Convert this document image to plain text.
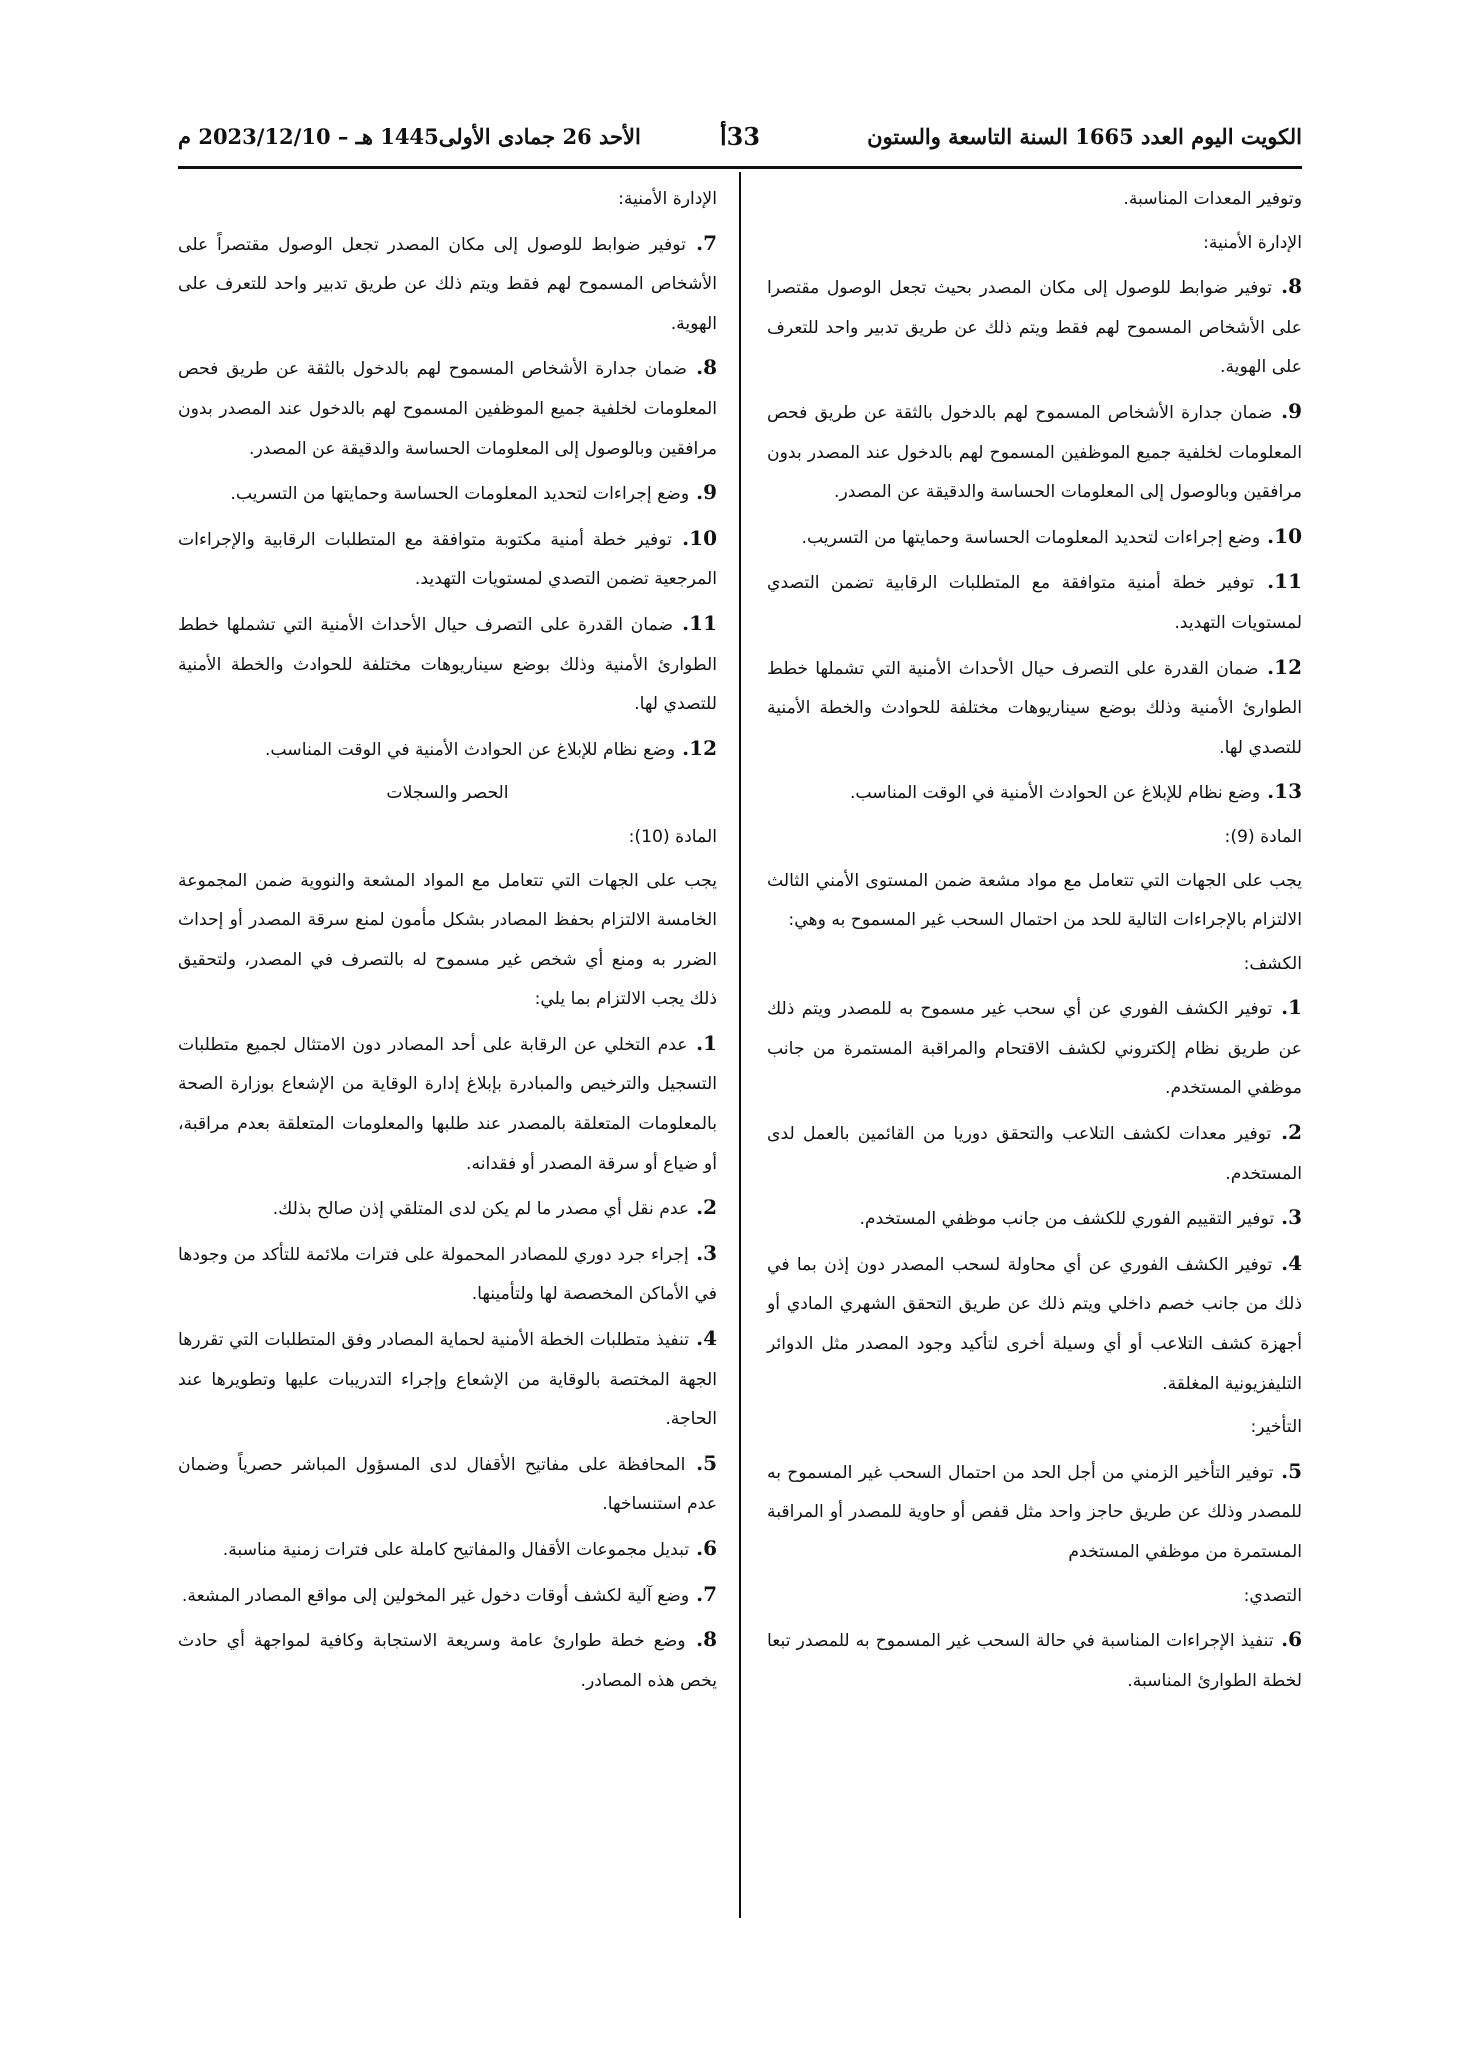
الكويت اليوم العدد 1665 السنة التاسعة والستون
33أ
الأحد 26 جمادى الأولى1445 هـ – 2023/12/10 م

وتوفير المعدات المناسبة.

الإدارة الأمنية:

8. توفير ضوابط للوصول إلى مكان المصدر بحيث تجعل الوصول مقتصرا على الأشخاص المسموح لهم فقط ويتم ذلك عن طريق تدبير واحد للتعرف على الهوية.

9. ضمان جدارة الأشخاص المسموح لهم بالدخول بالثقة عن طريق فحص المعلومات لخلفية جميع الموظفين المسموح لهم بالدخول عند المصدر بدون مرافقين وبالوصول إلى المعلومات الحساسة والدقيقة عن المصدر.

10. وضع إجراءات لتحديد المعلومات الحساسة وحمايتها من التسريب.

11. توفير خطة أمنية متوافقة مع المتطلبات الرقابية تضمن التصدي لمستويات التهديد.

12. ضمان القدرة على التصرف حيال الأحداث الأمنية التي تشملها خطط الطوارئ الأمنية وذلك بوضع سيناريوهات مختلفة للحوادث والخطة الأمنية للتصدي لها.

13. وضع نظام للإبلاغ عن الحوادث الأمنية في الوقت المناسب.

المادة (9):

يجب على الجهات التي تتعامل مع مواد مشعة ضمن المستوى الأمني الثالث الالتزام بالإجراءات التالية للحد من احتمال السحب غير المسموح به وهي:

الكشف:

1. توفير الكشف الفوري عن أي سحب غير مسموح به للمصدر ويتم ذلك عن طريق نظام إلكتروني لكشف الاقتحام والمراقبة المستمرة من جانب موظفي المستخدم.

2. توفير معدات لكشف التلاعب والتحقق دوريا من القائمين بالعمل لدى المستخدم.

3. توفير التقييم الفوري للكشف من جانب موظفي المستخدم.

4. توفير الكشف الفوري عن أي محاولة لسحب المصدر دون إذن بما في ذلك من جانب خصم داخلي ويتم ذلك عن طريق التحقق الشهري المادي أو أجهزة كشف التلاعب أو أي وسيلة أخرى لتأكيد وجود المصدر مثل الدوائر التليفزيونية المغلقة.

التأخير:

5. توفير التأخير الزمني من أجل الحد من احتمال السحب غير المسموح به للمصدر وذلك عن طريق حاجز واحد مثل قفص أو حاوية للمصدر أو المراقبة المستمرة من موظفي المستخدم

التصدي:

6. تنفيذ الإجراءات المناسبة في حالة السحب غير المسموح به للمصدر تبعا لخطة الطوارئ المناسبة.

الإدارة الأمنية:

7. توفير ضوابط للوصول إلى مكان المصدر تجعل الوصول مقتصراً على الأشخاص المسموح لهم فقط ويتم ذلك عن طريق تدبير واحد للتعرف على الهوية.

8. ضمان جدارة الأشخاص المسموح لهم بالدخول بالثقة عن طريق فحص المعلومات لخلفية جميع الموظفين المسموح لهم بالدخول عند المصدر بدون مرافقين وبالوصول إلى المعلومات الحساسة والدقيقة عن المصدر.

9. وضع إجراءات لتحديد المعلومات الحساسة وحمايتها من التسريب.

10. توفير خطة أمنية مكتوبة متوافقة مع المتطلبات الرقابية والإجراءات المرجعية تضمن التصدي لمستويات التهديد.

11. ضمان القدرة على التصرف حيال الأحداث الأمنية التي تشملها خطط الطوارئ الأمنية وذلك بوضع سيناريوهات مختلفة للحوادث والخطة الأمنية للتصدي لها.

12. وضع نظام للإبلاغ عن الحوادث الأمنية في الوقت المناسب.

الحصر والسجلات

المادة (10):

يجب على الجهات التي تتعامل مع المواد المشعة والنووية ضمن المجموعة الخامسة الالتزام بحفظ المصادر بشكل مأمون لمنع سرقة المصدر أو إحداث الضرر به ومنع أي شخص غير مسموح له بالتصرف في المصدر، ولتحقيق ذلك يجب الالتزام بما يلي:

1. عدم التخلي عن الرقابة على أحد المصادر دون الامتثال لجميع متطلبات التسجيل والترخيص والمبادرة بإبلاغ إدارة الوقاية من الإشعاع بوزارة الصحة بالمعلومات المتعلقة بالمصدر عند طلبها والمعلومات المتعلقة بعدم مراقبة، أو ضياع أو سرقة المصدر أو فقدانه.

2. عدم نقل أي مصدر ما لم يكن لدى المتلقي إذن صالح بذلك.

3. إجراء جرد دوري للمصادر المحمولة على فترات ملائمة للتأكد من وجودها في الأماكن المخصصة لها ولتأمينها.

4. تنفيذ متطلبات الخطة الأمنية لحماية المصادر وفق المتطلبات التي تقررها الجهة المختصة بالوقاية من الإشعاع وإجراء التدريبات عليها وتطويرها عند الحاجة.

5. المحافظة على مفاتيح الأقفال لدى المسؤول المباشر حصرياً وضمان عدم استنساخها.

6. تبديل مجموعات الأقفال والمفاتيح كاملة على فترات زمنية مناسبة.

7. وضع آلية لكشف أوقات دخول غير المخولين إلى مواقع المصادر المشعة.

8. وضع خطة طوارئ عامة وسريعة الاستجابة وكافية لمواجهة أي حادث يخص هذه المصادر.
